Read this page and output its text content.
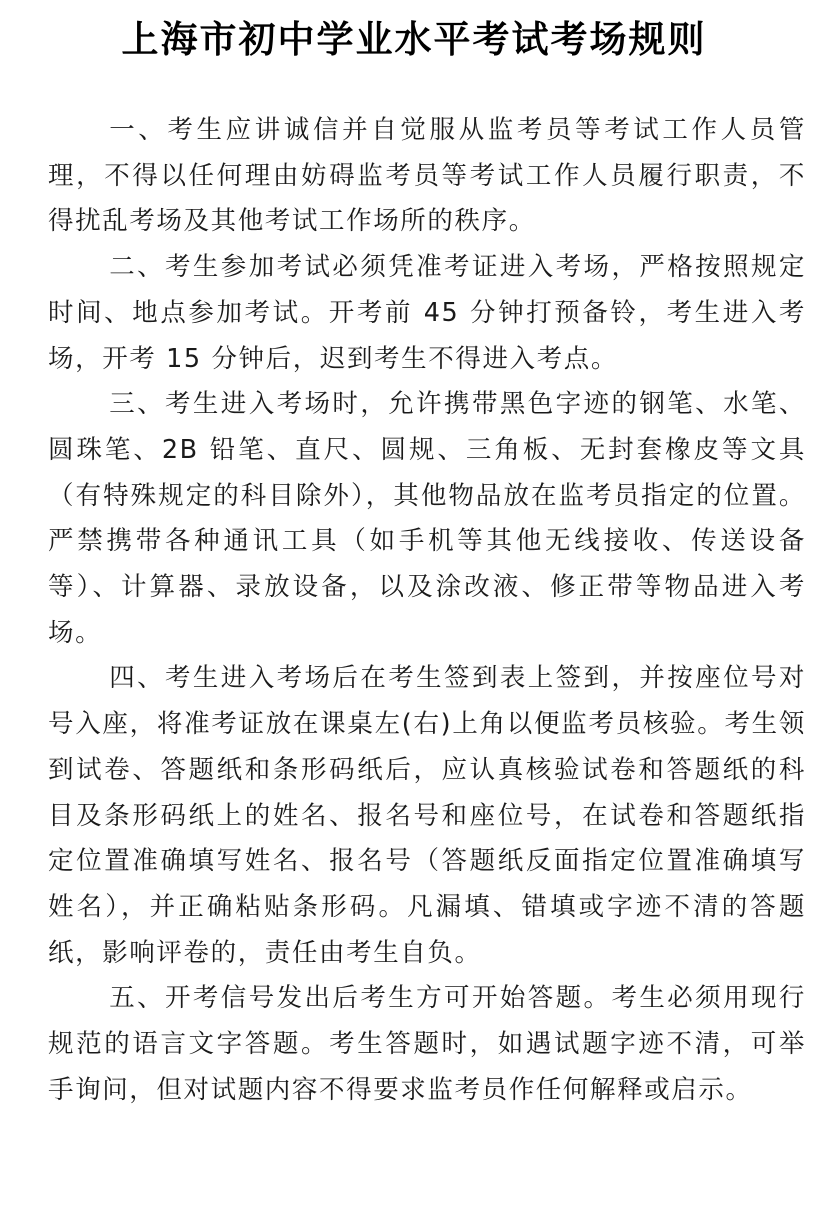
上海市初中学业水平考试考场规则

一、考生应讲诚信并自觉服从监考员等考试工作人员管理，不得以任何理由妨碍监考员等考试工作人员履行职责，不得扰乱考场及其他考试工作场所的秩序。

二、考生参加考试必须凭准考证进入考场，严格按照规定时间、地点参加考试。开考前 45 分钟打预备铃，考生进入考场，开考 15 分钟后，迟到考生不得进入考点。

三、考生进入考场时，允许携带黑色字迹的钢笔、水笔、圆珠笔、2B 铅笔、直尺、圆规、三角板、无封套橡皮等文具（有特殊规定的科目除外），其他物品放在监考员指定的位置。严禁携带各种通讯工具（如手机等其他无线接收、传送设备等）、计算器、录放设备，以及涂改液、修正带等物品进入考场。

四、考生进入考场后在考生签到表上签到，并按座位号对号入座，将准考证放在课桌左(右)上角以便监考员核验。考生领到试卷、答题纸和条形码纸后，应认真核验试卷和答题纸的科目及条形码纸上的姓名、报名号和座位号，在试卷和答题纸指定位置准确填写姓名、报名号（答题纸反面指定位置准确填写姓名），并正确粘贴条形码。凡漏填、错填或字迹不清的答题纸，影响评卷的，责任由考生自负。

五、开考信号发出后考生方可开始答题。考生必须用现行规范的语言文字答题。考生答题时，如遇试题字迹不清，可举手询问，但对试题内容不得要求监考员作任何解释或启示。
